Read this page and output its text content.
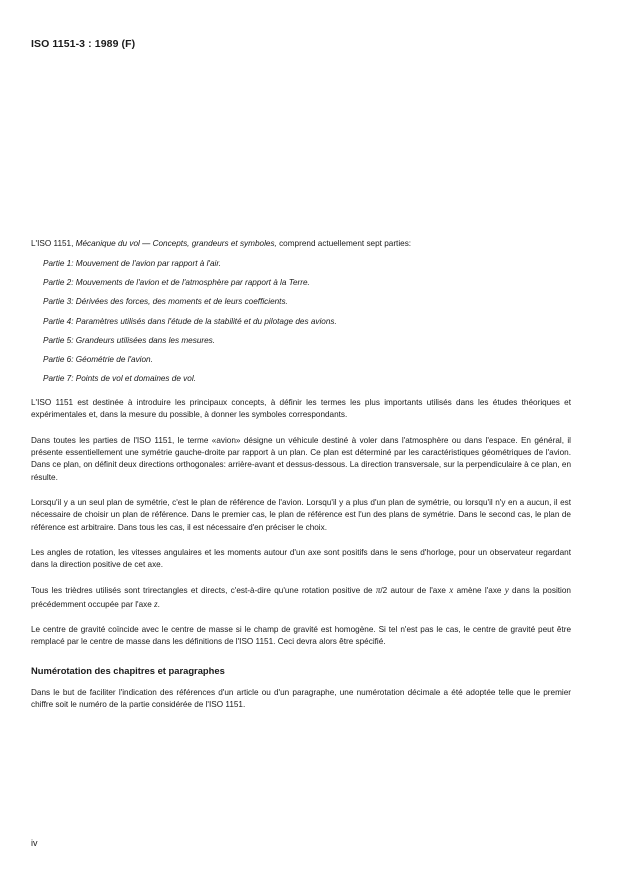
ISO 1151-3 : 1989 (F)

L'ISO 1151, Mécanique du vol — Concepts, grandeurs et symboles, comprend actuellement sept parties:

Partie 1: Mouvement de l'avion par rapport à l'air.
Partie 2: Mouvements de l'avion et de l'atmosphère par rapport à la Terre.
Partie 3: Dérivées des forces, des moments et de leurs coefficients.
Partie 4: Paramètres utilisés dans l'étude de la stabilité et du pilotage des avions.
Partie 5: Grandeurs utilisées dans les mesures.
Partie 6: Géométrie de l'avion.
Partie 7: Points de vol et domaines de vol.

L'ISO 1151 est destinée à introduire les principaux concepts, à définir les termes les plus importants utilisés dans les études théoriques et expérimentales et, dans la mesure du possible, à donner les symboles correspondants.

Dans toutes les parties de l'ISO 1151, le terme «avion» désigne un véhicule destiné à voler dans l'atmosphère ou dans l'espace. En général, il présente essentiellement une symétrie gauche-droite par rapport à un plan. Ce plan est déterminé par les caractéristiques géométriques de l'avion. Dans ce plan, on définit deux directions orthogonales: arrière-avant et dessus-dessous. La direction transversale, sur la perpendiculaire à ce plan, en résulte.

Lorsqu'il y a un seul plan de symétrie, c'est le plan de référence de l'avion. Lorsqu'il y a plus d'un plan de symétrie, ou lorsqu'il n'y en a aucun, il est nécessaire de choisir un plan de référence. Dans le premier cas, le plan de référence est l'un des plans de symétrie. Dans le second cas, le plan de référence est arbitraire. Dans tous les cas, il est nécessaire d'en préciser le choix.

Les angles de rotation, les vitesses angulaires et les moments autour d'un axe sont positifs dans le sens d'horloge, pour un observateur regardant dans la direction positive de cet axe.

Tous les trièdres utilisés sont trirectangles et directs, c'est-à-dire qu'une rotation positive de π/2 autour de l'axe x amène l'axe y dans la position précédemment occupée par l'axe z.

Le centre de gravité coïncide avec le centre de masse si le champ de gravité est homogène. Si tel n'est pas le cas, le centre de gravité peut être remplacé par le centre de masse dans les définitions de l'ISO 1151. Ceci devra alors être spécifié.

Numérotation des chapitres et paragraphes

Dans le but de faciliter l'indication des références d'un article ou d'un paragraphe, une numérotation décimale a été adoptée telle que le premier chiffre soit le numéro de la partie considérée de l'ISO 1151.

iv
